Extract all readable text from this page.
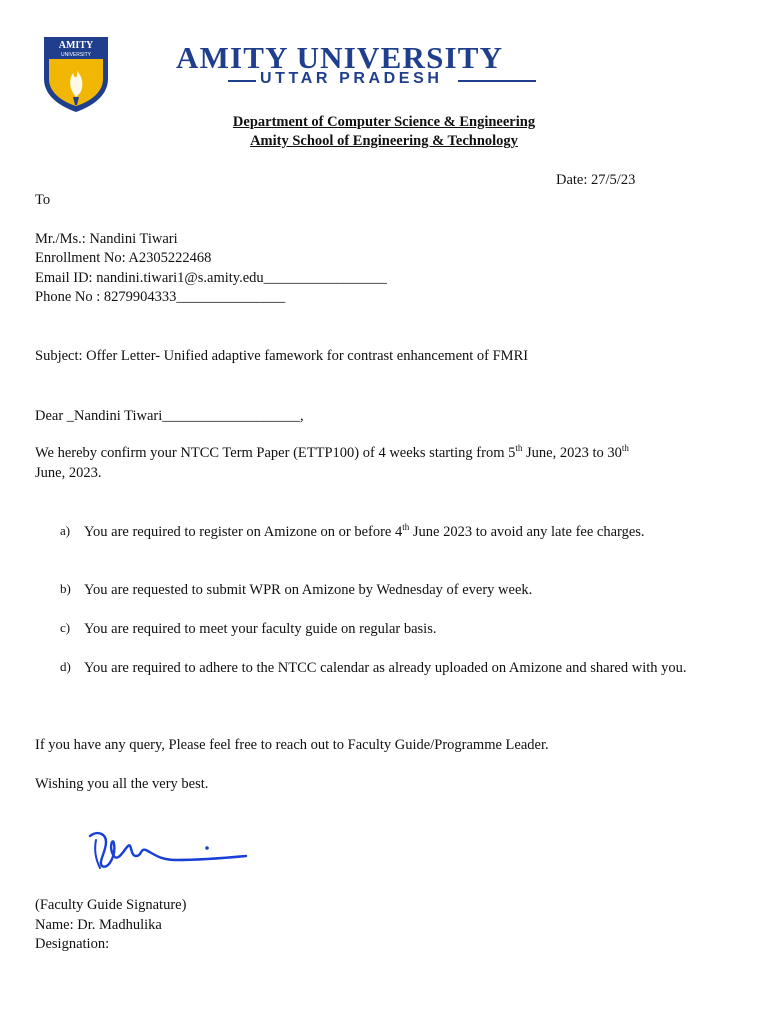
AMITY
UNIVERSITY	AMITY UNIVERSITY
UTTAR PRADESH
Department of Computer Science & Engineering
Amity School of Engineering & Technology
Date: 27/5/23
To
Mr./Ms.: Nandini Tiwari
Enrollment No: A2305222468
Email ID: nandini.tiwari1@s.amity.edu_________________
Phone No : 8279904333_______________
Subject: Offer Letter- Unified adaptive famework for contrast enhancement of FMRI
Dear _Nandini Tiwari___________________,
We hereby confirm your NTCC Term Paper (ETTP100) of 4 weeks starting from 5th June, 2023 to 30th
June, 2023.
a) You are required to register on Amizone on or before 4th June 2023 to avoid any late fee charges.
b) You are requested to submit WPR on Amizone by Wednesday of every week.
c) You are required to meet your faculty guide on regular basis.
d) You are required to adhere to the NTCC calendar as already uploaded on Amizone and shared with you.
If you have any query, Please feel free to reach out to Faculty Guide/Programme Leader.
Wishing you all the very best.
(Faculty Guide Signature)
Name: Dr. Madhulika
Designation:
